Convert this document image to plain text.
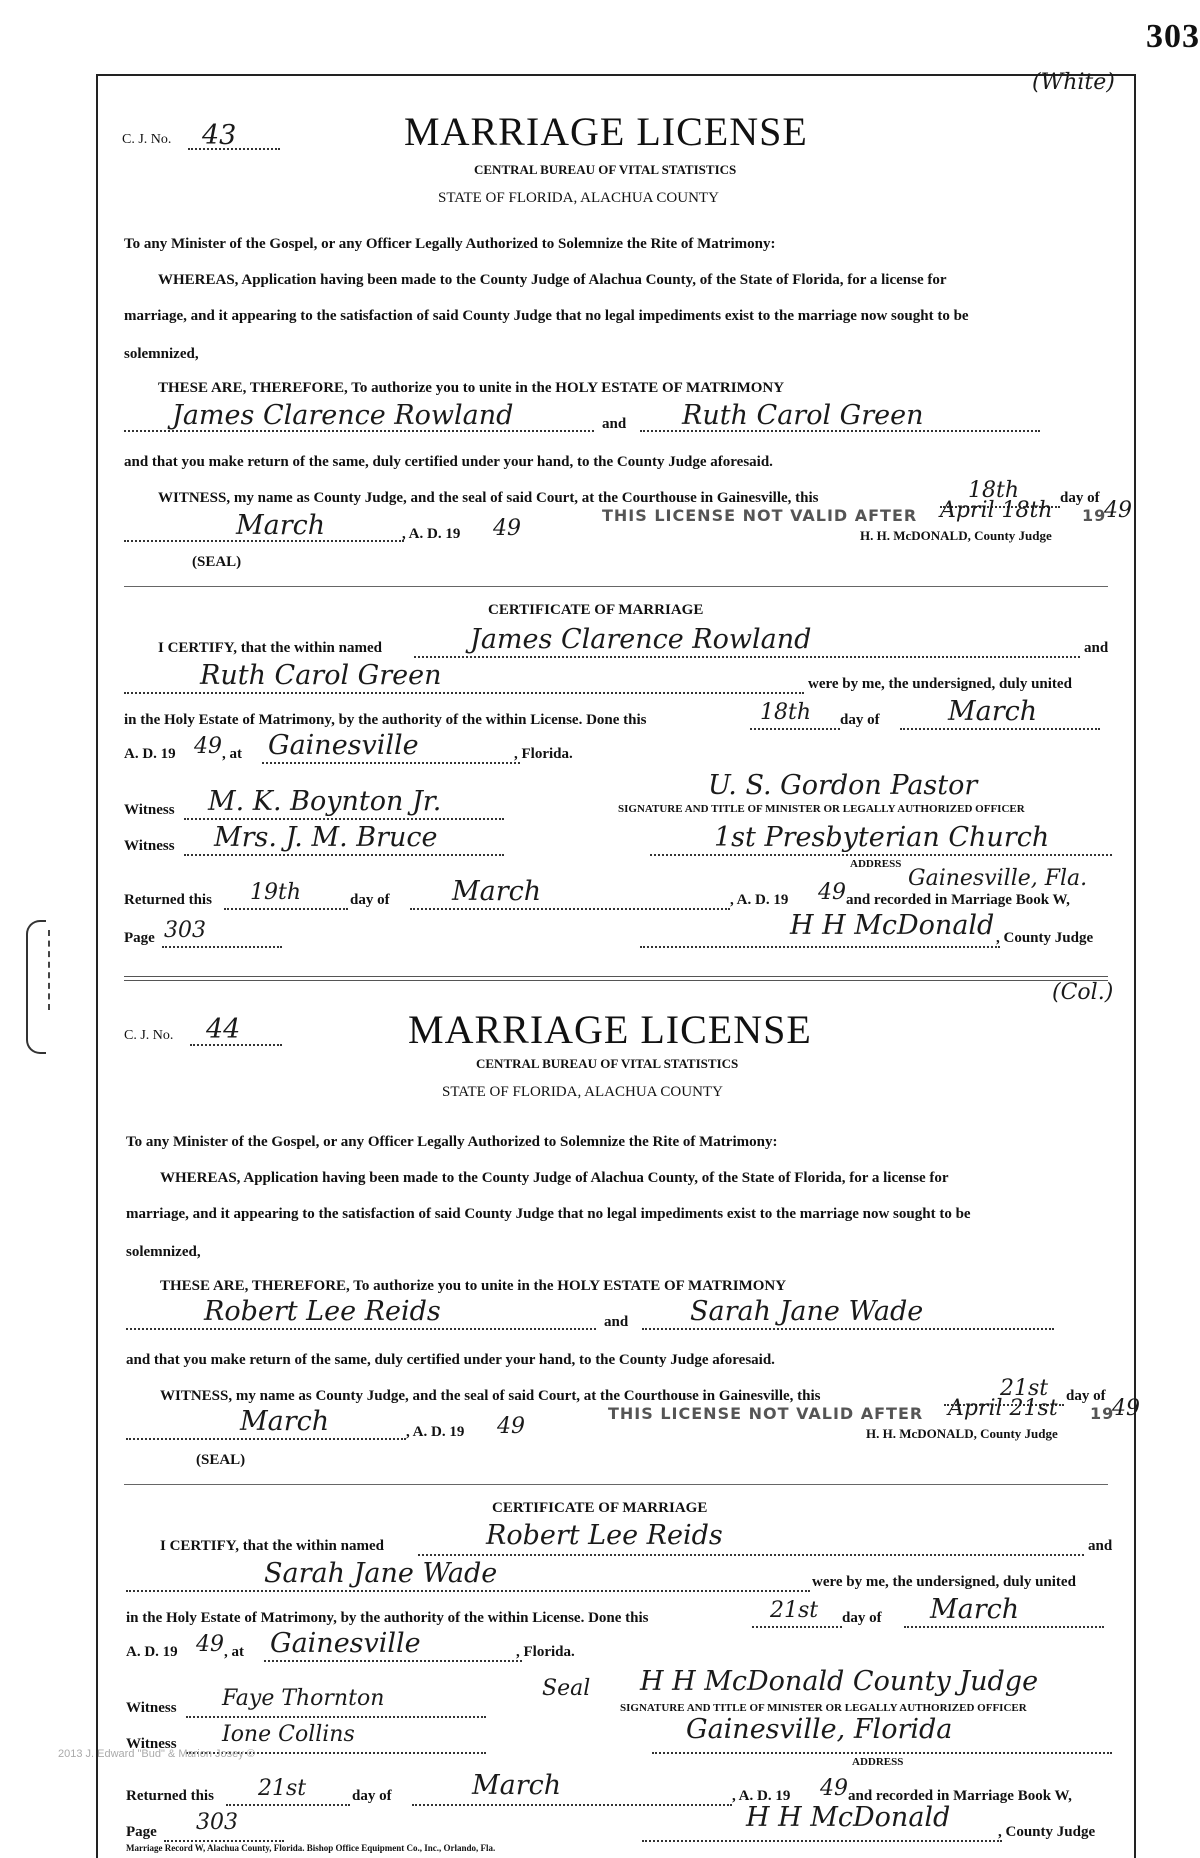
303
(White)
C. J. No. 43	MARRIAGE LICENSE
CENTRAL BUREAU OF VITAL STATISTICS
STATE OF FLORIDA, ALACHUA COUNTY
To any Minister of the Gospel, or any Officer Legally Authorized to Solemnize the Rite of Matrimony:
WHEREAS, Application having been made to the County Judge of Alachua County, of the State of Florida, for a license for
marriage, and it appearing to the satisfaction of said County Judge that no legal impediments exist to the marriage now sought to be
solemnized,
THESE ARE, THEREFORE, To authorize you to unite in the HOLY ESTATE OF MATRIMONY
James Clarence Rowland	and Ruth Carol Green
and that you make return of the same, duly certified under your hand, to the County Judge aforesaid.
WITNESS, my name as County Judge, and the seal of said Court, at the Courthouse in Gainesville, this	18th	day of
March	, A. D. 19 49
THIS LICENSE NOT VALID AFTER April 18th 19
49
H. H. McDONALD, County Judge
(SEAL)
CERTIFICATE OF MARRIAGE
I CERTIFY, that the within named	James Clarence Rowland	and
Ruth Carol Green	were by me, the undersigned, duly united
in the Holy Estate of Matrimony, by the authority of the within License. Done this	18th day of	March
A. D. 19 49 , at Gainesville	, Florida.
Witness M. K. Boynton Jr.
U. S. Gordon Pastor
SIGNATURE AND TITLE OF MINISTER OR LEGALLY AUTHORIZED OFFICER
Witness Mrs. J. M. Bruce	1st Presbyterian Church
ADDRESS
Gainesville, Fla.
Returned this 19th	day of March	, A. D. 19 49 and recorded in Marriage Book W,
Page 303	H H McDonald , County Judge
(Col.)
C. J. No. 44	MARRIAGE LICENSE
CENTRAL BUREAU OF VITAL STATISTICS
STATE OF FLORIDA, ALACHUA COUNTY
To any Minister of the Gospel, or any Officer Legally Authorized to Solemnize the Rite of Matrimony:
WHEREAS, Application having been made to the County Judge of Alachua County, of the State of Florida, for a license for
marriage, and it appearing to the satisfaction of said County Judge that no legal impediments exist to the marriage now sought to be
solemnized,
THESE ARE, THEREFORE, To authorize you to unite in the HOLY ESTATE OF MATRIMONY
Robert Lee Reids	and Sarah Jane Wade
and that you make return of the same, duly certified under your hand, to the County Judge aforesaid.
WITNESS, my name as County Judge, and the seal of said Court, at the Courthouse in Gainesville, this	21st day of
March	, A. D. 19 49
THIS LICENSE NOT VALID AFTER April 21st 19
49
H. H. McDONALD, County Judge
(SEAL)
CERTIFICATE OF MARRIAGE
I CERTIFY, that the within named	Robert Lee Reids	and
Sarah Jane Wade	were by me, the undersigned, duly united
in the Holy Estate of Matrimony, by the authority of the within License. Done this	21st day of March
A. D. 19 49 , at Gainesville	, Florida.
Seal H H McDonald County Judge
Witness Faye Thornton	SIGNATURE AND TITLE OF MINISTER OR LEGALLY AUTHORIZED OFFICER
Witness Ione Collins	Gainesville, Florida
ADDRESS
Returned this 21st	day of	March	, A. D. 19 49 and recorded in Marriage Book W,
Page 303	H H McDonald	, County Judge
Marriage Record W, Alachua County, Florida. Bishop Office Equipment Co., Inc., Orlando, Fla.
2013 J. Edward "Bud" & Marion Josey ©
